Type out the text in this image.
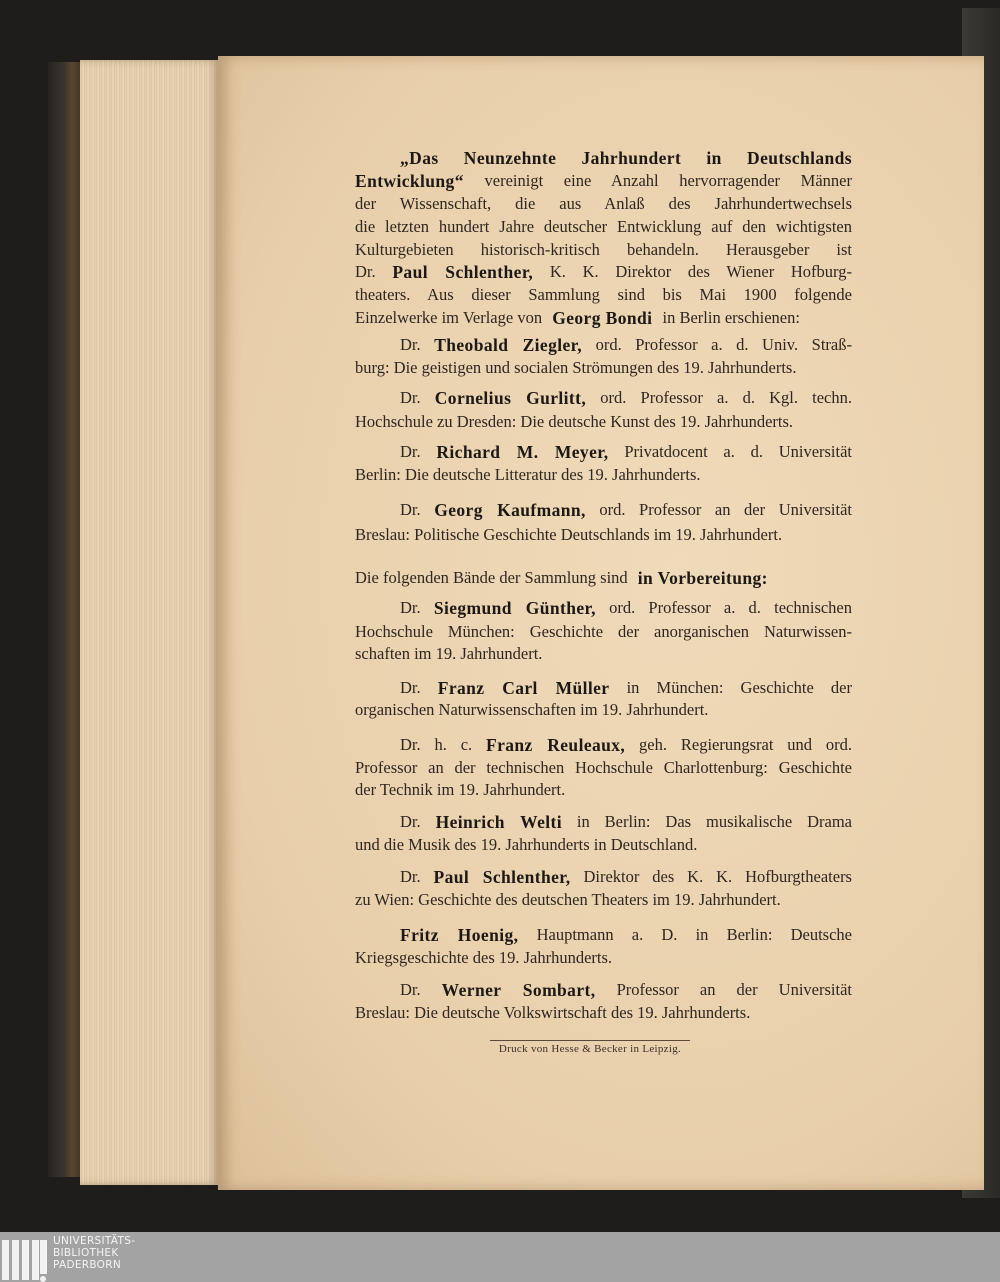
„Das Neunzehnte Jahrhundert in Deutschlands
Entwicklung“ vereinigt eine Anzahl hervorragender Männer
der Wissenschaft, die aus Anlaß des Jahrhundertwechsels
die letzten hundert Jahre deutscher Entwicklung auf den wichtigsten
Kulturgebieten historisch-kritisch behandeln. Herausgeber ist
Dr. Paul Schlenther, K. K. Direktor des Wiener Hofburg-
theaters. Aus dieser Sammlung sind bis Mai 1900 folgende
Einzelwerke im Verlage von Georg Bondi in Berlin erschienen:
Dr. Theobald Ziegler, ord. Professor a. d. Univ. Straß-
burg: Die geistigen und socialen Strömungen des 19. Jahrhunderts.
Dr. Cornelius Gurlitt, ord. Professor a. d. Kgl. techn.
Hochschule zu Dresden: Die deutsche Kunst des 19. Jahrhunderts.
Dr. Richard M. Meyer, Privatdocent a. d. Universität
Berlin: Die deutsche Litteratur des 19. Jahrhunderts.
Dr. Georg Kaufmann, ord. Professor an der Universität
Breslau: Politische Geschichte Deutschlands im 19. Jahrhundert.
Die folgenden Bände der Sammlung sind in Vorbereitung:
Dr. Siegmund Günther, ord. Professor a. d. technischen
Hochschule München: Geschichte der anorganischen Naturwissen-
schaften im 19. Jahrhundert.
Dr. Franz Carl Müller in München: Geschichte der
organischen Naturwissenschaften im 19. Jahrhundert.
Dr. h. c. Franz Reuleaux, geh. Regierungsrat und ord.
Professor an der technischen Hochschule Charlottenburg: Geschichte
der Technik im 19. Jahrhundert.
Dr. Heinrich Welti in Berlin: Das musikalische Drama
und die Musik des 19. Jahrhunderts in Deutschland.
Dr. Paul Schlenther, Direktor des K. K. Hofburgtheaters
zu Wien: Geschichte des deutschen Theaters im 19. Jahrhundert.
Fritz Hoenig, Hauptmann a. D. in Berlin: Deutsche
Kriegsgeschichte des 19. Jahrhunderts.
Dr. Werner Sombart, Professor an der Universität
Breslau: Die deutsche Volkswirtschaft des 19. Jahrhunderts.
Druck von Hesse & Becker in Leipzig.
UNIVERSITÄTS-
BIBLIOTHEK
PADERBORN
